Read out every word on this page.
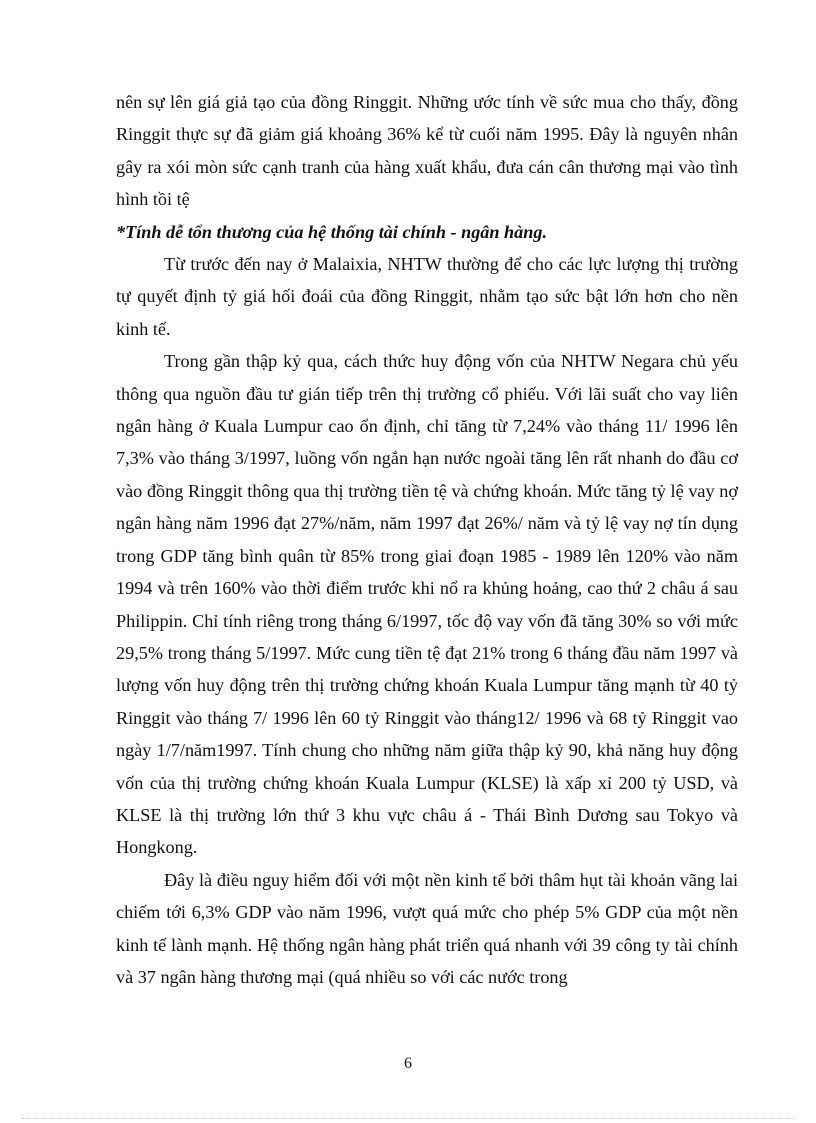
nên sự lên giá giả tạo của đồng Ringgit. Những ước tính về sức mua cho thấy, đồng Ringgit thực sự đã giảm giá khoảng 36% kể từ cuối năm 1995. Đây là nguyên nhân gây ra xói mòn sức cạnh tranh của hàng xuất khẩu, đưa cán cân thương mại vào tình hình tồi tệ

*Tính dễ tổn thương của hệ thống tài chính - ngân hàng.

Từ trước đến nay ở Malaixia, NHTW thường để cho các lực lượng thị trường tự quyết định tỷ giá hối đoái của đồng Ringgit, nhằm tạo sức bật lớn hơn cho nền kinh tế.

Trong gần thập kỷ qua, cách thức huy động vốn của NHTW Negara chủ yếu thông qua nguồn đầu tư gián tiếp trên thị trường cổ phiếu. Với lãi suất cho vay liên ngân hàng ở Kuala Lumpur cao ổn định, chỉ tăng từ 7,24% vào tháng 11/ 1996 lên 7,3% vào tháng 3/1997, luồng vốn ngắn hạn nước ngoài tăng lên rất nhanh do đầu cơ vào đồng Ringgit thông qua thị trường tiền tệ và chứng khoán. Mức tăng tỷ lệ vay nợ ngân hàng năm 1996 đạt 27%/năm, năm 1997 đạt 26%/ năm và tỷ lệ vay nợ tín dụng trong GDP tăng bình quân từ 85% trong giai đoạn 1985 - 1989 lên 120% vào năm 1994 và trên 160% vào thời điểm trước khi nổ ra khủng hoảng, cao thứ 2 châu á sau Philippin. Chỉ tính riêng trong tháng 6/1997, tốc độ vay vốn đã tăng 30% so với mức 29,5% trong tháng 5/1997. Mức cung tiền tệ đạt 21% trong 6 tháng đầu năm 1997 và lượng vốn huy động trên thị trường chứng khoán Kuala Lumpur tăng mạnh từ 40 tỷ Ringgit vào tháng 7/ 1996 lên 60 tỷ Ringgit vào tháng12/ 1996 và 68 tỷ Ringgit vao ngày 1/7/năm1997. Tính chung cho những năm giữa thập kỷ 90, khả năng huy động vốn của thị trường chứng khoán Kuala Lumpur (KLSE) là xấp xỉ 200 tỷ USD, và KLSE là thị trường lớn thứ 3 khu vực châu á - Thái Bình Dương sau Tokyo và Hongkong.

Đây là điều nguy hiểm đối với một nền kinh tế bởi thâm hụt tài khoản vãng lai chiếm tới 6,3% GDP vào năm 1996, vượt quá mức cho phép 5% GDP của một nền kinh tế lành mạnh. Hệ thống ngân hàng phát triển quá nhanh với 39 công ty tài chính và 37 ngân hàng thương mại (quá nhiều so với các nước trong

6
